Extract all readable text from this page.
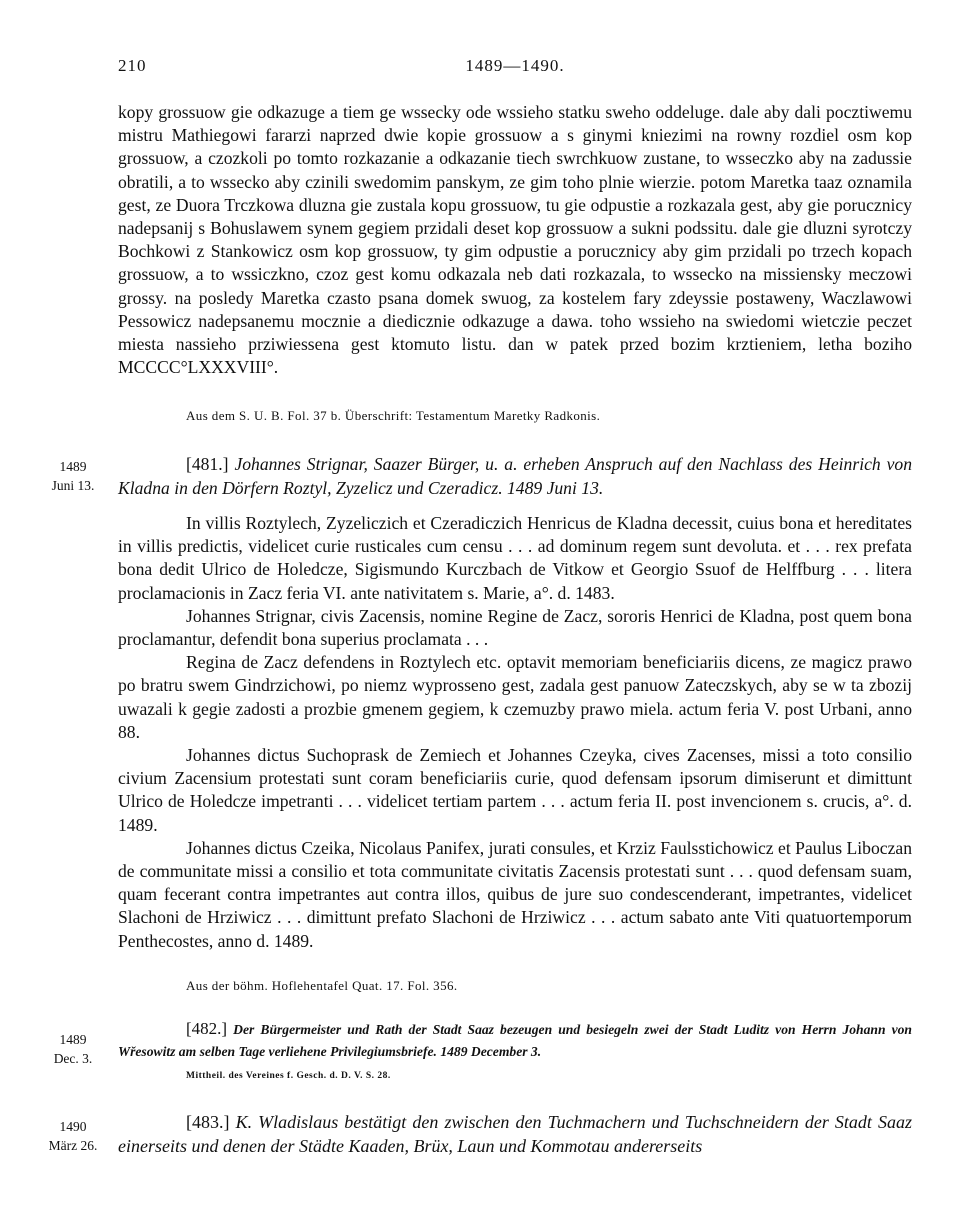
210	1489—1490.

kopy grossuow gie odkazuge a tiem ge wssecky ode wssieho statku sweho oddeluge. dale aby dali pocztiwemu mistru Mathiegowi fararzi naprzed dwie kopie grossuow a s ginymi kniezimi na rowny rozdiel osm kop grossuow, a czozkoli po tomto rozkazanie a odkazanie tiech swrchkuow zustane, to wsseczko aby na zadussie obratili, a to wssecko aby czinili swedomim panskym, ze gim toho plnie wierzie. potom Maretka taaz oznamila gest, ze Duora Trczkowa dluzna gie zustala kopu grossuow, tu gie odpustie a rozkazala gest, aby gie porucznicy nadepsanij s Bohuslawem synem gegiem przidali deset kop grossuow a sukni podssitu. dale gie dluzni syrotczy Bochkowi z Stankowicz osm kop grossuow, ty gim odpustie a porucznicy aby gim przidali po trzech kopach grossuow, a to wssiczkno, czoz gest komu odkazala neb dati rozkazala, to wssecko na missiensky meczowi grossy. na posledy Maretka czasto psana domek swuog, za kostelem fary zdeyssie postaweny, Waczlawowi Pessowicz nadepsanemu mocznie a diedicznie odkazuge a dawa. toho wssieho na swiedomi wietczie peczet miesta nassieho prziwiessena gest ktomuto listu. dan w patek przed bozim krztieniem, letha boziho MCCCC°LXXXVIII°.

Aus dem S. U. B. Fol. 37 b. Überschrift: Testamentum Maretky Radkonis.
1489
Juni 13.
[481.] Johannes Strignar, Saazer Bürger, u. a. erheben Anspruch auf den Nachlass des Heinrich von Kladna in den Dörfern Roztyl, Zyzelicz und Czeradicz. 1489 Juni 13.

In villis Roztylech, Zyzeliczich et Czeradiczich Henricus de Kladna decessit, cuius bona et hereditates in villis predictis, videlicet curie rusticales cum censu . . . ad dominum regem sunt devoluta. et . . . rex prefata bona dedit Ulrico de Holedcze, Sigismundo Kurczbach de Vitkow et Georgio Ssuof de Helffburg . . . litera proclamacionis in Zacz feria VI. ante nativitatem s. Marie, a°. d. 1483.

Johannes Strignar, civis Zacensis, nomine Regine de Zacz, sororis Henrici de Kladna, post quem bona proclamantur, defendit bona superius proclamata . . .

Regina de Zacz defendens in Roztylech etc. optavit memoriam beneficiariis dicens, ze magicz prawo po bratru swem Gindrzichowi, po niemz wyprosseno gest, zadala gest panuow Zateczskych, aby se w ta zbozij uwazali k gegie zadosti a prozbie gmenem gegiem, k czemuzby prawo miela. actum feria V. post Urbani, anno 88.

Johannes dictus Suchoprask de Zemiech et Johannes Czeyka, cives Zacenses, missi a toto consilio civium Zacensium protestati sunt coram beneficiariis curie, quod defensam ipsorum dimiserunt et dimittunt Ulrico de Holedcze impetranti . . . videlicet tertiam partem . . . actum feria II. post invencionem s. crucis, a°. d. 1489.

Johannes dictus Czeika, Nicolaus Panifex, jurati consules, et Krziz Faulsstichowicz et Paulus Liboczan de communitate missi a consilio et tota communitate civitatis Zacensis protestati sunt . . . quod defensam suam, quam fecerant contra impetrantes aut contra illos, quibus de jure suo condescenderant, impetrantes, videlicet Slachoni de Hrziwicz . . . dimittunt prefato Slachoni de Hrziwicz . . . actum sabato ante Viti quatuortemporum Penthecostes, anno d. 1489.

Aus der böhm. Hoflehentafel Quat. 17. Fol. 356.
1489
Dec. 3.
[482.] Der Bürgermeister und Rath der Stadt Saaz bezeugen und besiegeln zwei der Stadt Luditz von Herrn Johann von Wřesowitz am selben Tage verliehene Privilegiumsbriefe. 1489 December 3.
Mittheil. des Vereines f. Gesch. d. D. V. S. 28.
1490
März 26.
[483.] K. Wladislaus bestätigt den zwischen den Tuchmachern und Tuchschneidern der Stadt Saaz einerseits und denen der Städte Kaaden, Brüx, Laun und Kommotau andererseits
